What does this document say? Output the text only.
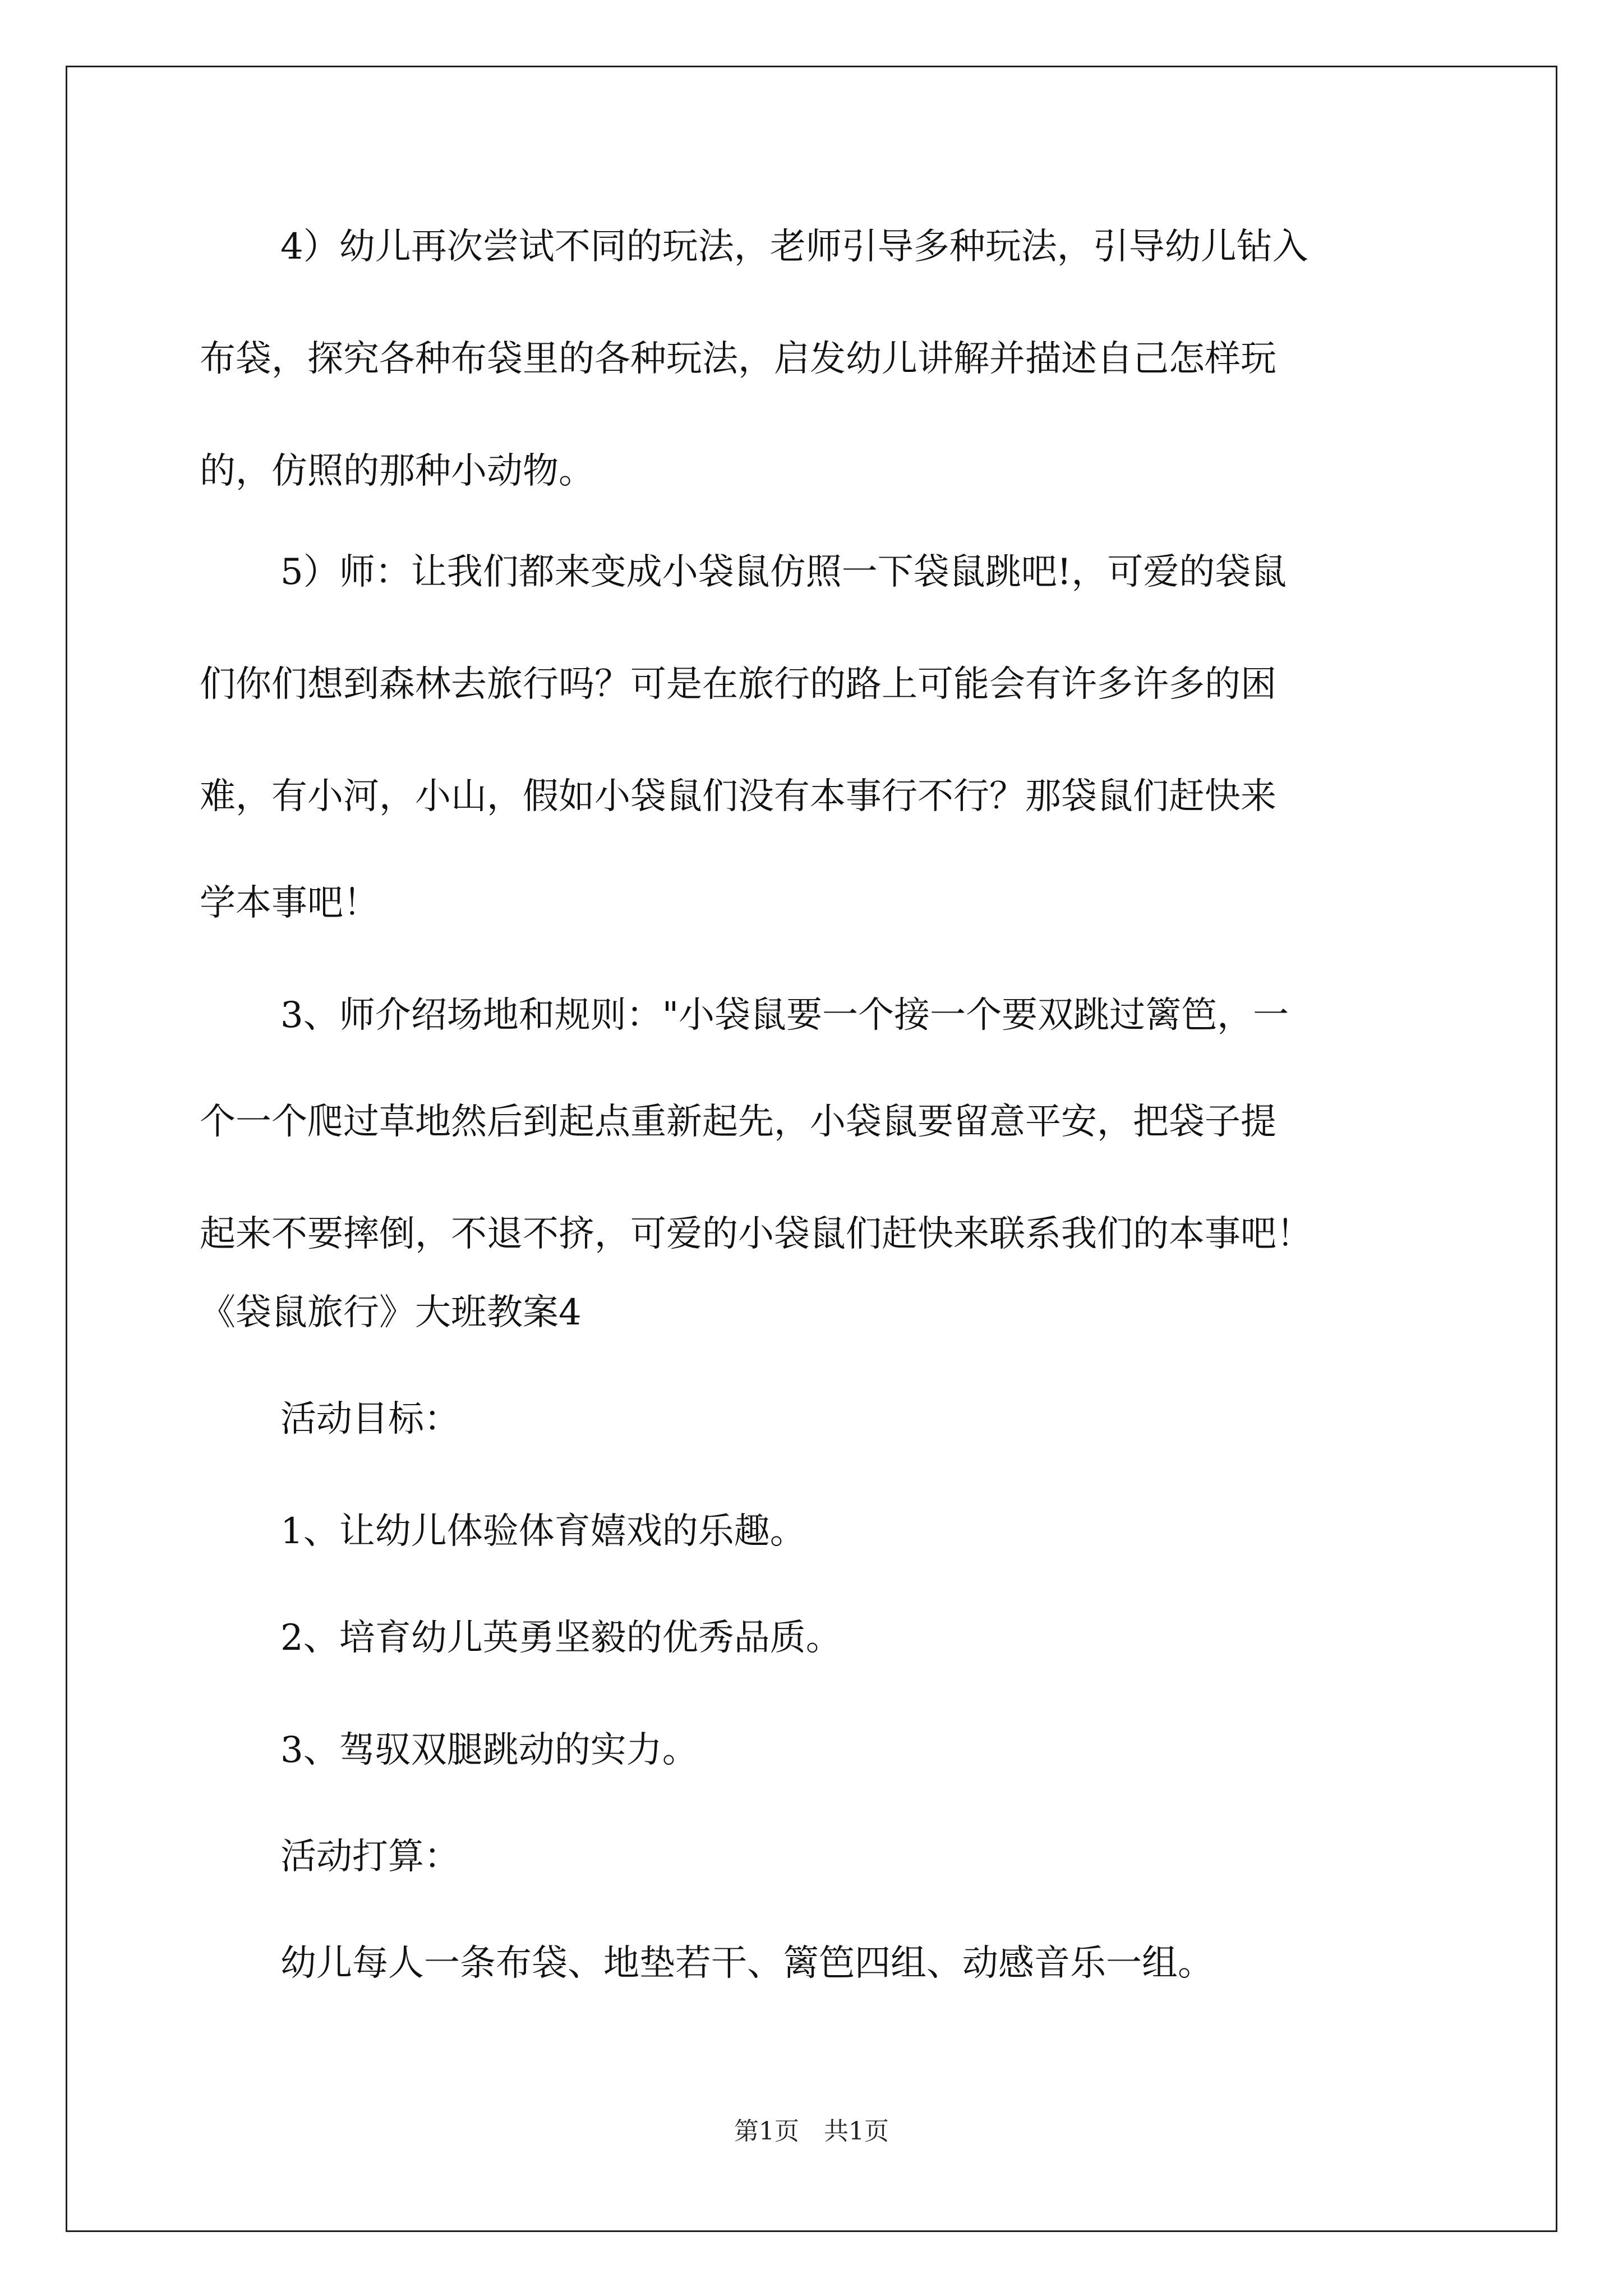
4）幼儿再次尝试不同的玩法，老师引导多种玩法，引导幼儿钻入
布袋，探究各种布袋里的各种玩法，启发幼儿讲解并描述自己怎样玩
的，仿照的那种小动物。
5）师：让我们都来变成小袋鼠仿照一下袋鼠跳吧!，可爱的袋鼠
们你们想到森林去旅行吗？可是在旅行的路上可能会有许多许多的困
难，有小河，小山，假如小袋鼠们没有本事行不行？那袋鼠们赶快来
学本事吧！
3、师介绍场地和规则："小袋鼠要一个接一个要双跳过篱笆，一
个一个爬过草地然后到起点重新起先，小袋鼠要留意平安，把袋子提
起来不要摔倒，不退不挤，可爱的小袋鼠们赶快来联系我们的本事吧！
《袋鼠旅行》大班教案4
活动目标：
1、让幼儿体验体育嬉戏的乐趣。
2、培育幼儿英勇坚毅的优秀品质。
3、驾驭双腿跳动的实力。
活动打算：
幼儿每人一条布袋、地垫若干、篱笆四组、动感音乐一组。
第1页　共1页
